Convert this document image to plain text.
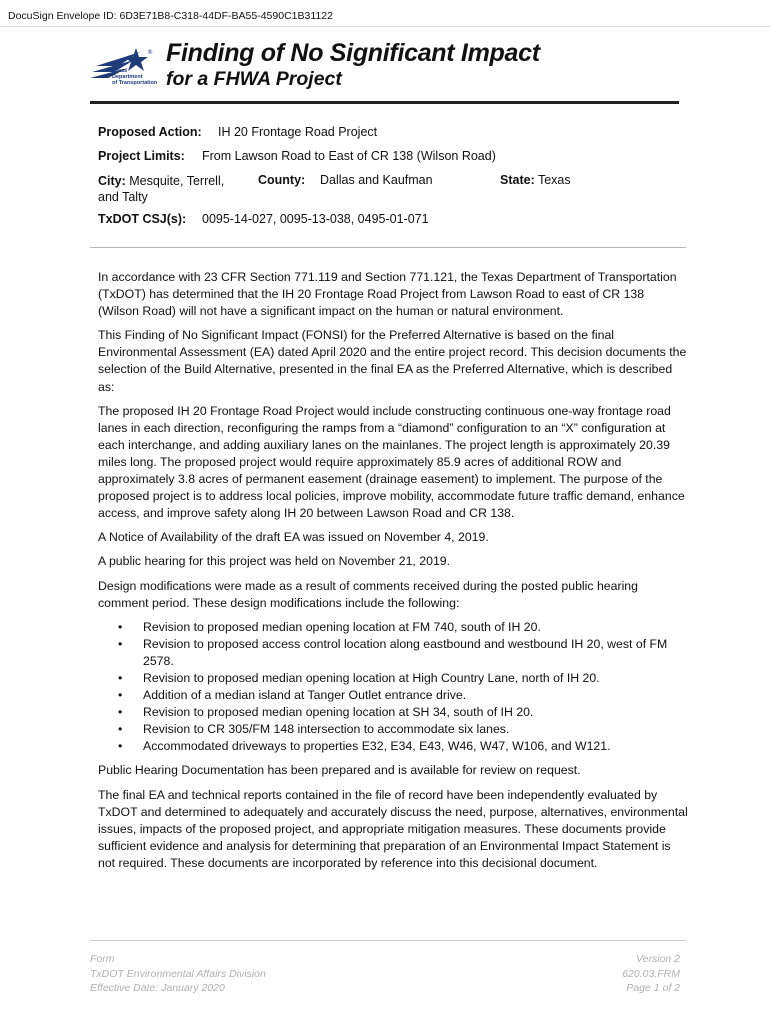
DocuSign Envelope ID: 6D3E71B8-C318-44DF-BA55-4590C1B31122
®
Texas
Department
of Transportation
Finding of No Significant Impact
for a FHWA Project
Proposed Action: IH 20 Frontage Road Project
Project Limits: From Lawson Road to East of CR 138 (Wilson Road)
City: Mesquite, Terrell,
and Talty
County: Dallas and Kaufman	State: Texas
TxDOT CSJ(s): 0095-14-027, 0095-13-038, 0495-01-071

In accordance with 23 CFR Section 771.119 and Section 771.121, the Texas Department of Transportation (TxDOT) has determined that the IH 20 Frontage Road Project from Lawson Road to east of CR 138 (Wilson Road) will not have a significant impact on the human or natural environment.

This Finding of No Significant Impact (FONSI) for the Preferred Alternative is based on the final Environmental Assessment (EA) dated April 2020 and the entire project record. This decision documents the selection of the Build Alternative, presented in the final EA as the Preferred Alternative, which is described as:

The proposed IH 20 Frontage Road Project would include constructing continuous one-way frontage road lanes in each direction, reconfiguring the ramps from a “diamond” configuration to an “X” configuration at each interchange, and adding auxiliary lanes on the mainlanes. The project length is approximately 20.39 miles long. The proposed project would require approximately 85.9 acres of additional ROW and approximately 3.8 acres of permanent easement (drainage easement) to implement. The purpose of the proposed project is to address local policies, improve mobility, accommodate future traffic demand, enhance access, and improve safety along IH 20 between Lawson Road and CR 138.

A Notice of Availability of the draft EA was issued on November 4, 2019.

A public hearing for this project was held on November 21, 2019.

Design modifications were made as a result of comments received during the posted public hearing comment period. These design modifications include the following:

• Revision to proposed median opening location at FM 740, south of IH 20.
• Revision to proposed access control location along eastbound and westbound IH 20, west of FM 2578.
• Revision to proposed median opening location at High Country Lane, north of IH 20.
• Addition of a median island at Tanger Outlet entrance drive.
• Revision to proposed median opening location at SH 34, south of IH 20.
• Revision to CR 305/FM 148 intersection to accommodate six lanes.
• Accommodated driveways to properties E32, E34, E43, W46, W47, W106, and W121.

Public Hearing Documentation has been prepared and is available for review on request.

The final EA and technical reports contained in the file of record have been independently evaluated by TxDOT and determined to adequately and accurately discuss the need, purpose, alternatives, environmental issues, impacts of the proposed project, and appropriate mitigation measures. These documents provide sufficient evidence and analysis for determining that preparation of an Environmental Impact Statement is not required. These documents are incorporated by reference into this decisional document.

Form
TxDOT Environmental Affairs Division
Effective Date: January 2020
Version 2
620.03.FRM
Page 1 of 2
